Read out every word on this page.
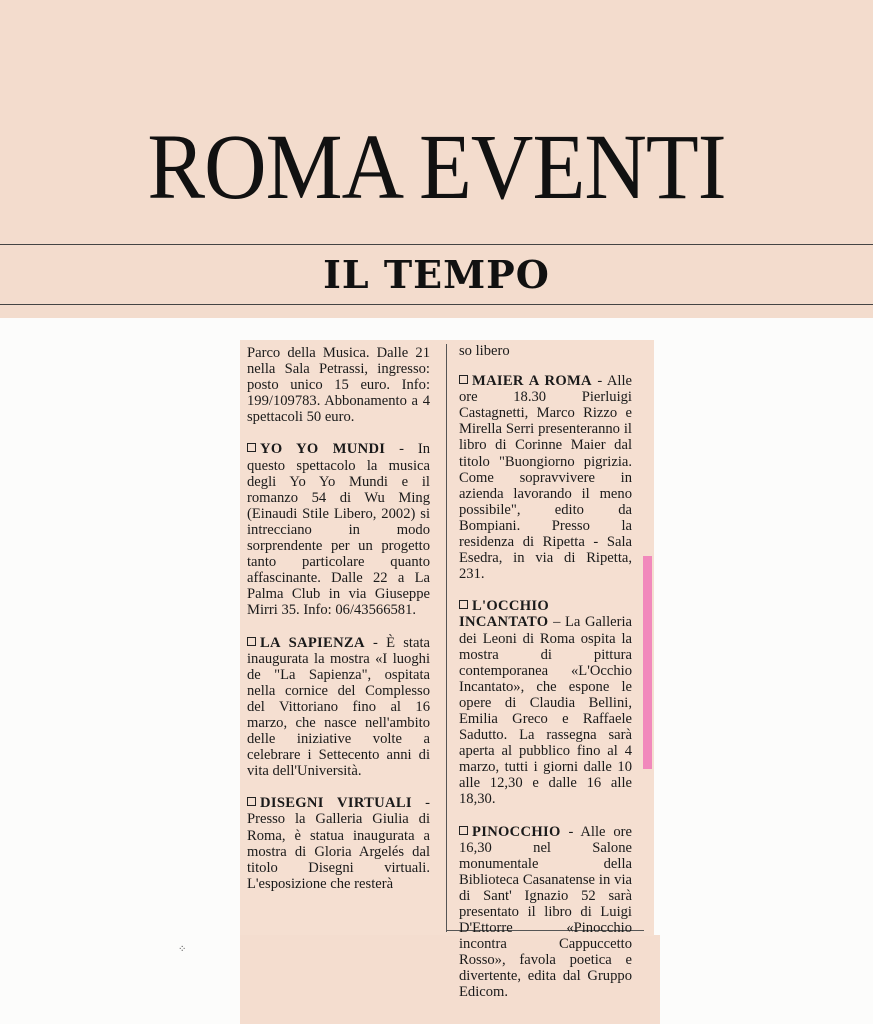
ROMA EVENTI
IL TEMPO
⁘
Parco della Musica. Dalle 21 nella Sala Petrassi, ingresso: posto unico 15 euro. Info: 199/109783. Abbonamento a 4 spettacoli 50 euro.
YO YO MUNDI - In questo spettacolo la musica degli Yo Yo Mundi e il romanzo 54 di Wu Ming (Einaudi Stile Libero, 2002) si intrecciano in modo sorprendente per un progetto tanto particolare quanto affascinante. Dalle 22 a La Palma Club in via Giuseppe Mirri 35. Info: 06/43566581.
LA SAPIENZA - È stata inaugurata la mostra «I luoghi de "La Sapienza", ospitata nella cornice del Complesso del Vittoriano fino al 16 marzo, che nasce nell'ambito delle iniziative volte a celebrare i Settecento anni di vita dell'Università.
DISEGNI VIRTUALI - Presso la Galleria Giulia di Roma, è statua inaugurata a mostra di Gloria Argelés dal titolo Disegni virtuali. L'esposizione che resterà
so libero
MAIER A ROMA - Alle ore 18.30 Pierluigi Castagnetti, Marco Rizzo e Mirella Serri presenteranno il libro di Corinne Maier dal titolo "Buongiorno pigrizia. Come sopravvivere in azienda lavorando il meno possibile", edito da Bompiani. Presso la residenza di Ripetta - Sala Esedra, in via di Ripetta, 231.
L'OCCHIO INCANTATO – La Galleria dei Leoni di Roma ospita la mostra di pittura contemporanea «L'Occhio Incantato», che espone le opere di Claudia Bellini, Emilia Greco e Raffaele Sadutto. La rassegna sarà aperta al pubblico fino al 4 marzo, tutti i giorni dalle 10 alle 12,30 e dalle 16 alle 18,30.
PINOCCHIO - Alle ore 16,30 nel Salone monumentale della Biblioteca Casanatense in via di Sant' Ignazio 52 sarà presentato il libro di Luigi D'Ettorre «Pinocchio incontra Cappuccetto Rosso», favola poetica e divertente, edita dal Gruppo Edicom.
